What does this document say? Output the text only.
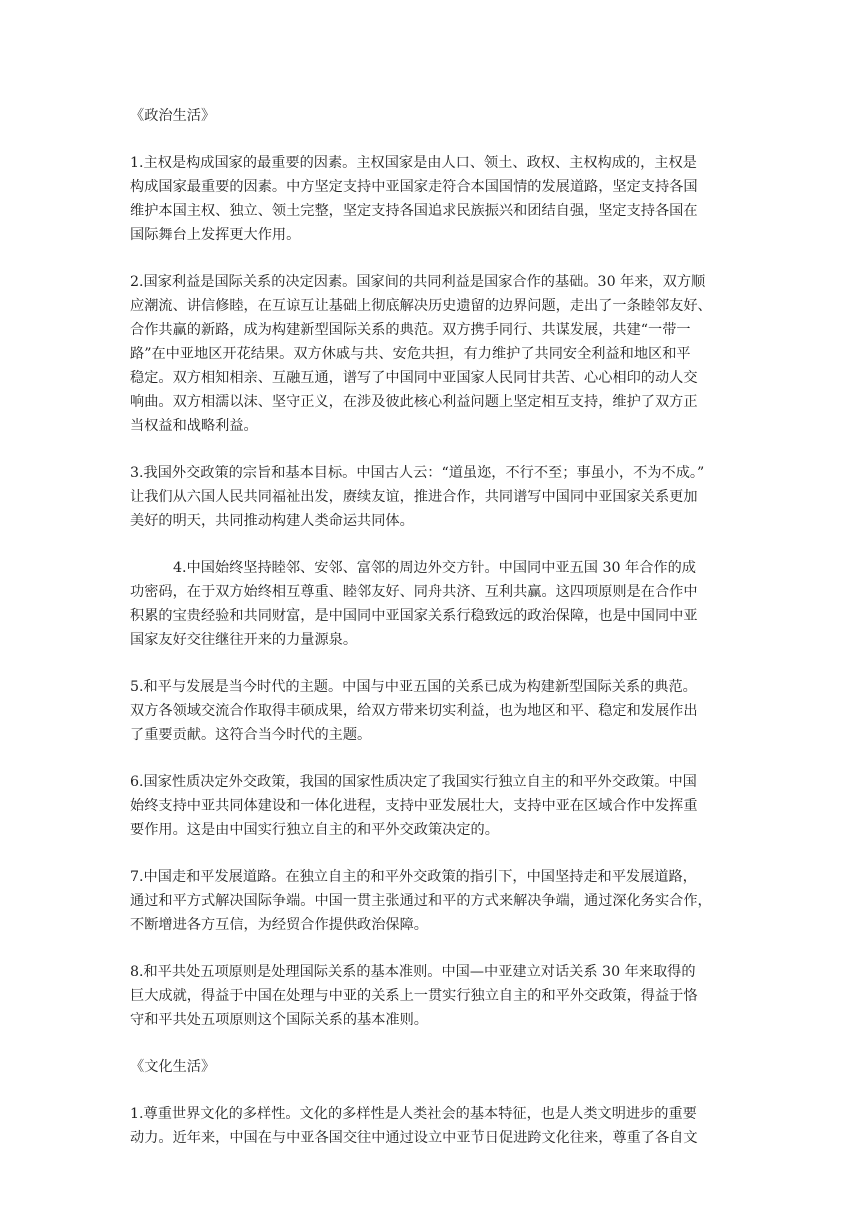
《政治生活》
1.主权是构成国家的最重要的因素。主权国家是由人口、领土、政权、主权构成的，主权是
构成国家最重要的因素。中方坚定支持中亚国家走符合本国国情的发展道路，坚定支持各国
维护本国主权、独立、领土完整，坚定支持各国追求民族振兴和团结自强，坚定支持各国在
国际舞台上发挥更大作用。
2.国家利益是国际关系的决定因素。国家间的共同利益是国家合作的基础。30 年来，双方顺
应潮流、讲信修睦，在互谅互让基础上彻底解决历史遗留的边界问题，走出了一条睦邻友好、
合作共赢的新路，成为构建新型国际关系的典范。双方携手同行、共谋发展，共建“一带一
路”在中亚地区开花结果。双方休戚与共、安危共担，有力维护了共同安全利益和地区和平
稳定。双方相知相亲、互融互通，谱写了中国同中亚国家人民同甘共苦、心心相印的动人交
响曲。双方相濡以沫、坚守正义，在涉及彼此核心利益问题上坚定相互支持，维护了双方正
当权益和战略利益。
3.我国外交政策的宗旨和基本目标。中国古人云：“道虽迩，不行不至；事虽小，不为不成。”
让我们从六国人民共同福祉出发，赓续友谊，推进合作，共同谱写中国同中亚国家关系更加
美好的明天，共同推动构建人类命运共同体。
4.中国始终坚持睦邻、安邻、富邻的周边外交方针。中国同中亚五国 30 年合作的成
功密码，在于双方始终相互尊重、睦邻友好、同舟共济、互利共赢。这四项原则是在合作中
积累的宝贵经验和共同财富，是中国同中亚国家关系行稳致远的政治保障，也是中国同中亚
国家友好交往继往开来的力量源泉。
5.和平与发展是当今时代的主题。中国与中亚五国的关系已成为构建新型国际关系的典范。
双方各领域交流合作取得丰硕成果，给双方带来切实利益，也为地区和平、稳定和发展作出
了重要贡献。这符合当今时代的主题。
6.国家性质决定外交政策，我国的国家性质决定了我国实行独立自主的和平外交政策。中国
始终支持中亚共同体建设和一体化进程，支持中亚发展壮大，支持中亚在区域合作中发挥重
要作用。这是由中国实行独立自主的和平外交政策决定的。
7.中国走和平发展道路。在独立自主的和平外交政策的指引下，中国坚持走和平发展道路，
通过和平方式解决国际争端。中国一贯主张通过和平的方式来解决争端，通过深化务实合作，
不断增进各方互信，为经贸合作提供政治保障。
8.和平共处五项原则是处理国际关系的基本准则。中国—中亚建立对话关系 30 年来取得的
巨大成就，得益于中国在处理与中亚的关系上一贯实行独立自主的和平外交政策，得益于恪
守和平共处五项原则这个国际关系的基本准则。
《文化生活》
1.尊重世界文化的多样性。文化的多样性是人类社会的基本特征，也是人类文明进步的重要
动力。近年来，中国在与中亚各国交往中通过设立中亚节日促进跨文化往来，尊重了各自文
